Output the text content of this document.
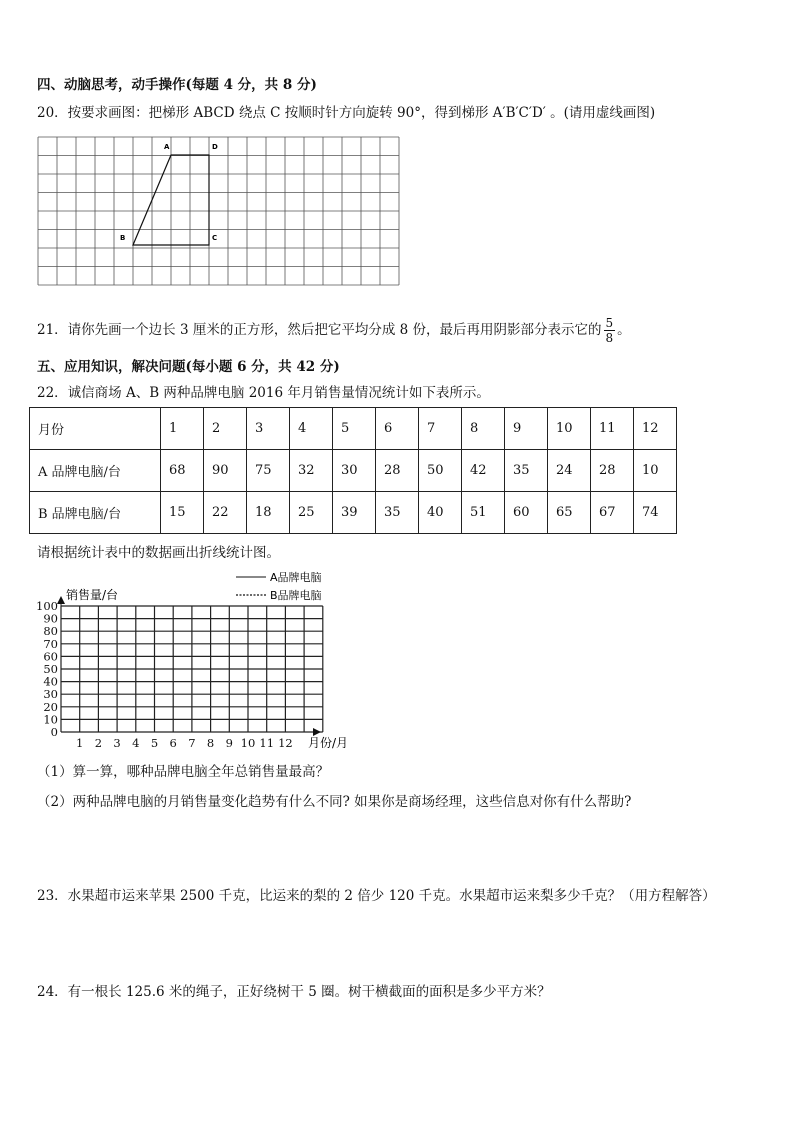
四、动脑思考，动手操作(每题 4 分，共 8 分)
20．按要求画图：把梯形 ABCD 绕点 C 按顺时针方向旋转 90°，得到梯形 A′B′C′D′ 。(请用虚线画图)
A	D
B	C
21．请你先画一个边长 3 厘米的正方形，然后把它平均分成 8 份，最后再用阴影部分表示它的 $\frac{5}{8}$ 。
五、应用知识，解决问题(每小题 6 分，共 42 分)
22．诚信商场 A、B 两种品牌电脑 2016 年月销售量情况统计如下表所示。
月份	1	2	3	4	5	6	7	8	9	10	11	12
A 品牌电脑/台	68	90	75	32	30	28	50	42	35	24	28	10
B 品牌电脑/台	15	22	18	25	39	35	40	51	60	65	67	74
请根据统计表中的数据画出折线统计图。
0
10
20
30
40
50
60
70
80
90
100
1 2 3 4 5 6 7 8 9 10 11 12
销售量/台
月份/月
A品牌电脑
B品牌电脑
（1）算一算，哪种品牌电脑全年总销售量最高？
（2）两种品牌电脑的月销售量变化趋势有什么不同? 如果你是商场经理，这些信息对你有什么帮助?
23．水果超市运来苹果 2500 千克，比运来的梨的 2 倍少 120 千克。水果超市运来梨多少千克？（用方程解答）
24．有一根长 125.6 米的绳子，正好绕树干 5 圈。树干横截面的面积是多少平方米？
